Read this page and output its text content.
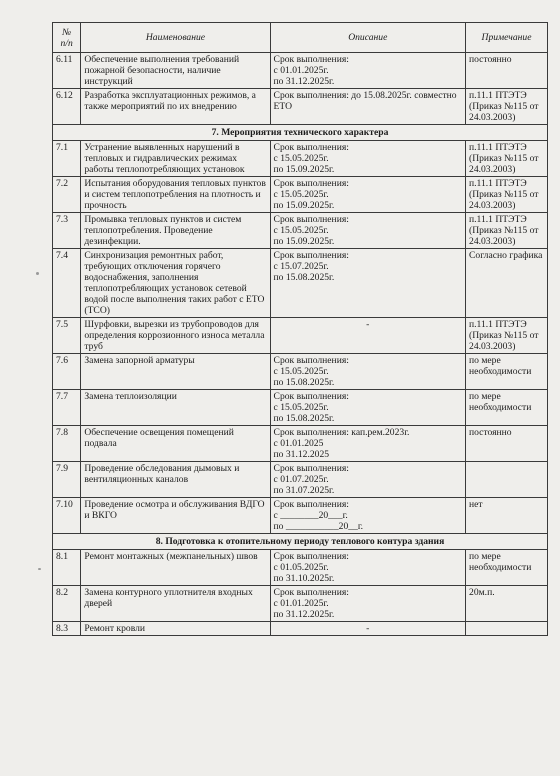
№
п/п	Наименование	Описание	Примечание
6.11	Обеспечение выполнения требований пожарной безопасности, наличие инструкций	Срок выполнения:
с 01.01.2025г.
по 31.12.2025г.	постоянно
6.12	Разработка эксплуатационных режимов, а также мероприятий по их внедрению	Срок выполнения: до 15.08.2025г. совместно ЕТО	п.11.1 ПТЭТЭ (Приказ №115 от 24.03.2003)
7. Мероприятия технического характера			
7.1	Устранение выявленных нарушений в тепловых и гидравлических режимах работы теплопотребляющих установок	Срок выполнения:
с 15.05.2025г.
по 15.09.2025г.	п.11.1 ПТЭТЭ (Приказ №115 от 24.03.2003)
7.2	Испытания оборудования тепловых пунктов и систем теплопотребления на плотность и прочность	Срок выполнения:
с 15.05.2025г.
по 15.09.2025г.	п.11.1 ПТЭТЭ (Приказ №115 от 24.03.2003)
7.3	Промывка тепловых пунктов и систем теплопотребления. Проведение дезинфекции.	Срок выполнения:
с 15.05.2025г.
по 15.09.2025г.	п.11.1 ПТЭТЭ (Приказ №115 от 24.03.2003)
7.4	Синхронизация ремонтных работ, требующих отключения горячего водоснабжения, заполнения теплопотребляющих установок сетевой водой после выполнения таких работ с ЕТО (ТСО)	Срок выполнения:
с 15.07.2025г.
по 15.08.2025г.	Согласно графика
7.5	Шурфовки, вырезки из трубопроводов для определения коррозионного износа металла труб	-	п.11.1 ПТЭТЭ (Приказ №115 от 24.03.2003)
7.6	Замена запорной арматуры	Срок выполнения:
с 15.05.2025г.
по 15.08.2025г.	по мере необходимости
7.7	Замена теплоизоляции	Срок выполнения:
с 15.05.2025г.
по 15.08.2025г.	по мере необходимости
7.8	Обеспечение освещения помещений подвала	Срок выполнения: кап.рем.2023г.
с 01.01.2025
по 31.12.2025	постоянно
7.9	Проведение обследования дымовых и вентиляционных каналов	Срок выполнения:
с 01.07.2025г.
по 31.07.2025г.	
7.10	Проведение осмотра и обслуживания ВДГО и ВКГО	Срок выполнения:
с ________20___г.
по ___________20__г.	нет
8. Подготовка к отопительному периоду теплового контура здания			
8.1	Ремонт монтажных (межпанельных) швов	Срок выполнения:
с 01.05.2025г.
по 31.10.2025г.	по мере необходимости
8.2	Замена контурного уплотнителя входных дверей	Срок выполнения:
с 01.01.2025г.
по 31.12.2025г.	20м.п.
8.3	Ремонт кровли	-	
